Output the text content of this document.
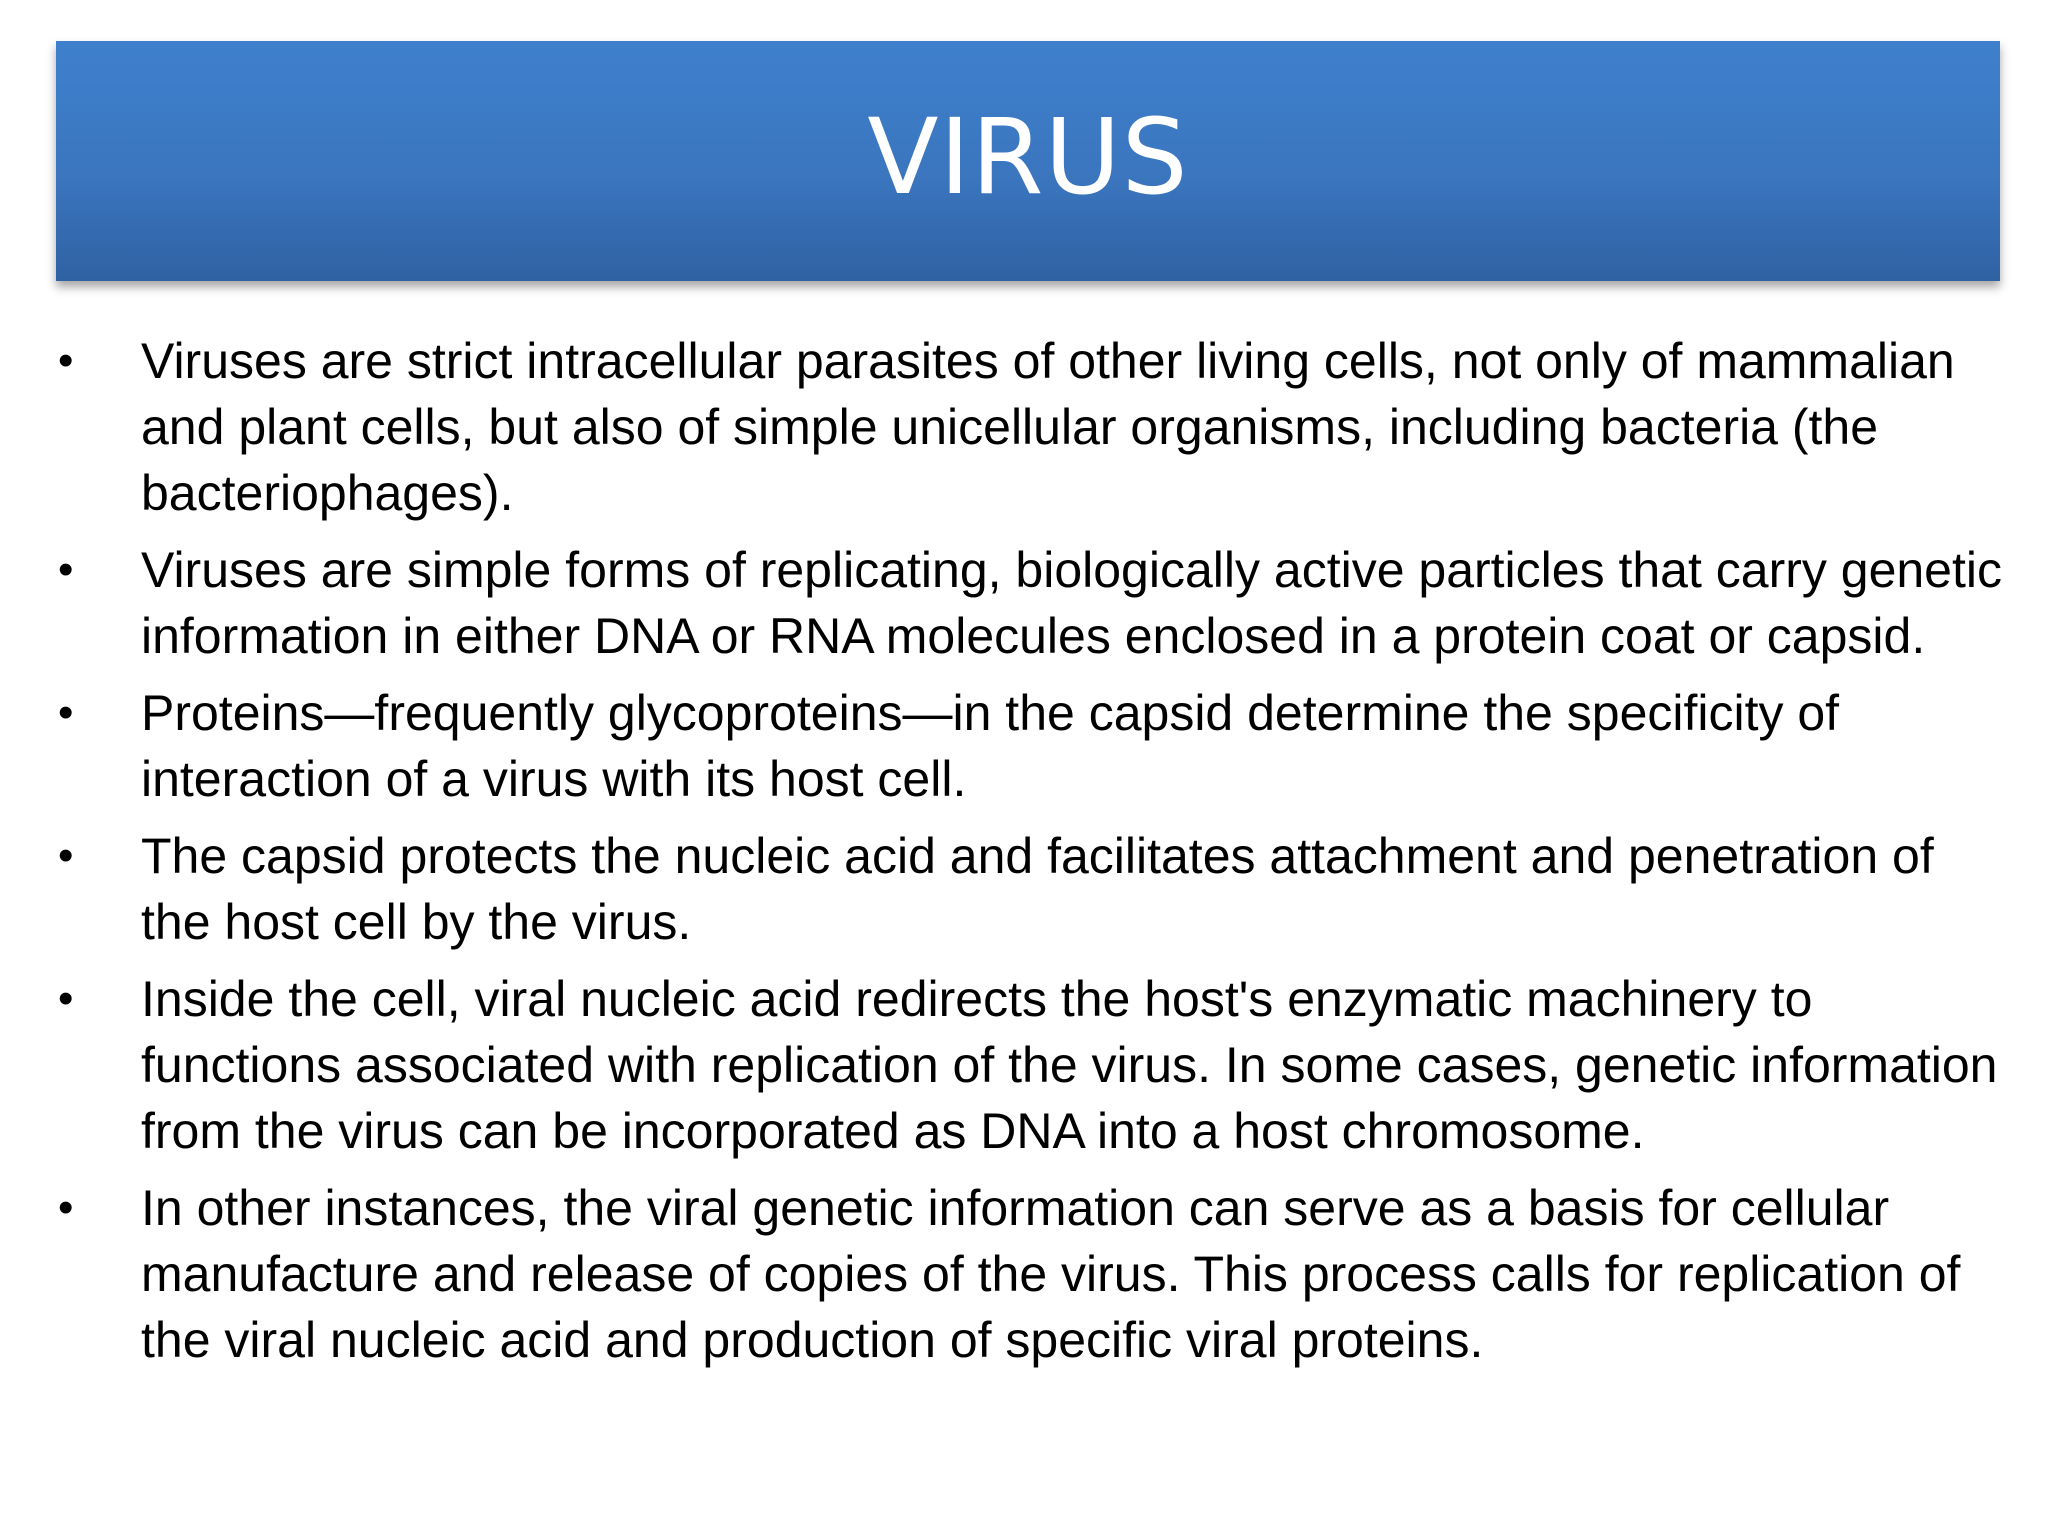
VIRUS
•	Viruses are strict intracellular parasites of other living cells, not only of mammalian and plant cells, but also of simple unicellular organisms, including bacteria (the bacteriophages).
•	Viruses are simple forms of replicating, biologically active particles that carry genetic information in either DNA or RNA molecules enclosed in a protein coat or capsid.
•	Proteins—frequently glycoproteins—in the capsid determine the specificity of interaction of a virus with its host cell.
•	The capsid protects the nucleic acid and facilitates attachment and penetration of the host cell by the virus.
•	Inside the cell, viral nucleic acid redirects the host's enzymatic machinery to functions associated with replication of the virus. In some cases, genetic information from the virus can be incorporated as DNA into a host chromosome.
•	In other instances, the viral genetic information can serve as a basis for cellular manufacture and release of copies of the virus. This process calls for replication of the viral nucleic acid and production of specific viral proteins.
